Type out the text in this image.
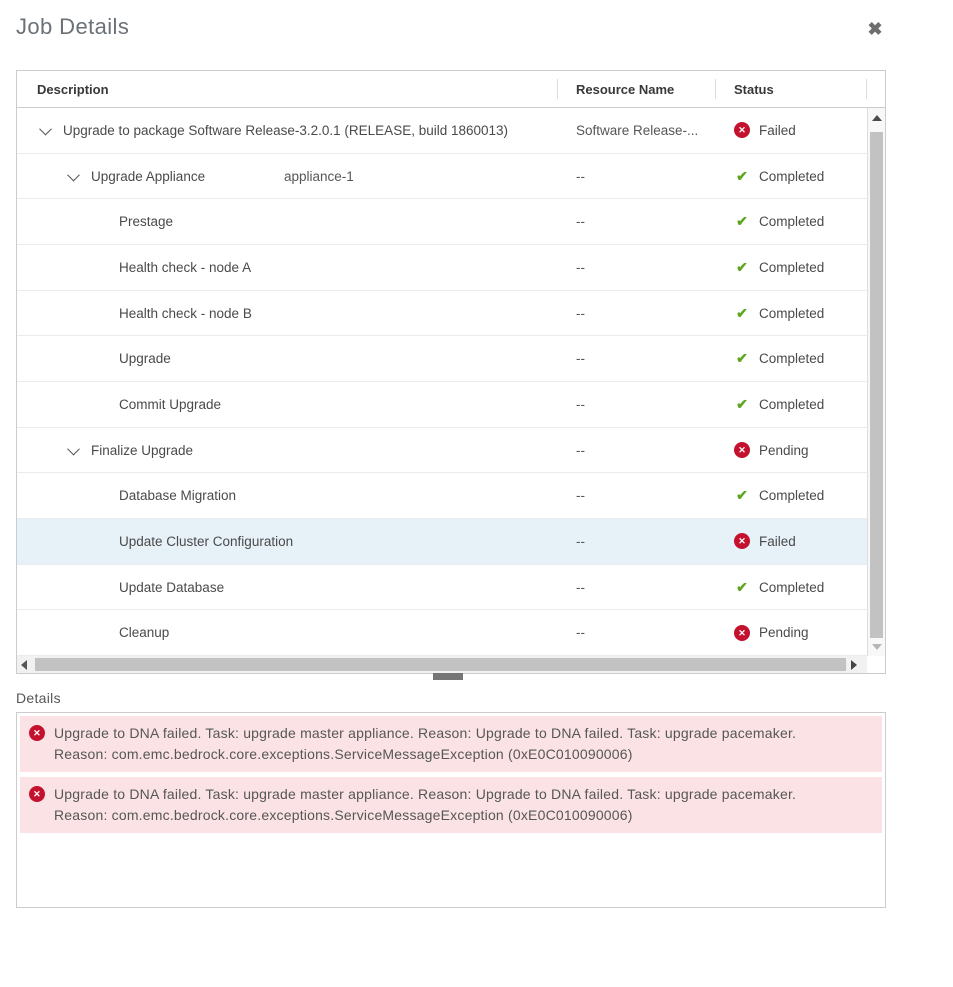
Job Details	✖
Description	Resource Name	Status
Upgrade to package Software Release-3.2.0.1 (RELEASE, build 1860013)	Software Release-...	✕ Failed
Upgrade Appliance	appliance-1	--	✔ Completed
Prestage	--	✔ Completed
Health check - node A	--	✔ Completed
Health check - node B	--	✔ Completed
Upgrade	--	✔ Completed
Commit Upgrade	--	✔ Completed
Finalize Upgrade	--	✕ Pending
Database Migration	--	✔ Completed
Update Cluster Configuration	--	✕ Failed
Update Database	--	✔ Completed
Cleanup	--	✕ Pending
Details
✕ Upgrade to DNA failed. Task: upgrade master appliance. Reason: Upgrade to DNA failed. Task: upgrade pacemaker.
Reason: com.emc.bedrock.core.exceptions.ServiceMessageException (0xE0C010090006)
✕ Upgrade to DNA failed. Task: upgrade master appliance. Reason: Upgrade to DNA failed. Task: upgrade pacemaker.
Reason: com.emc.bedrock.core.exceptions.ServiceMessageException (0xE0C010090006)
